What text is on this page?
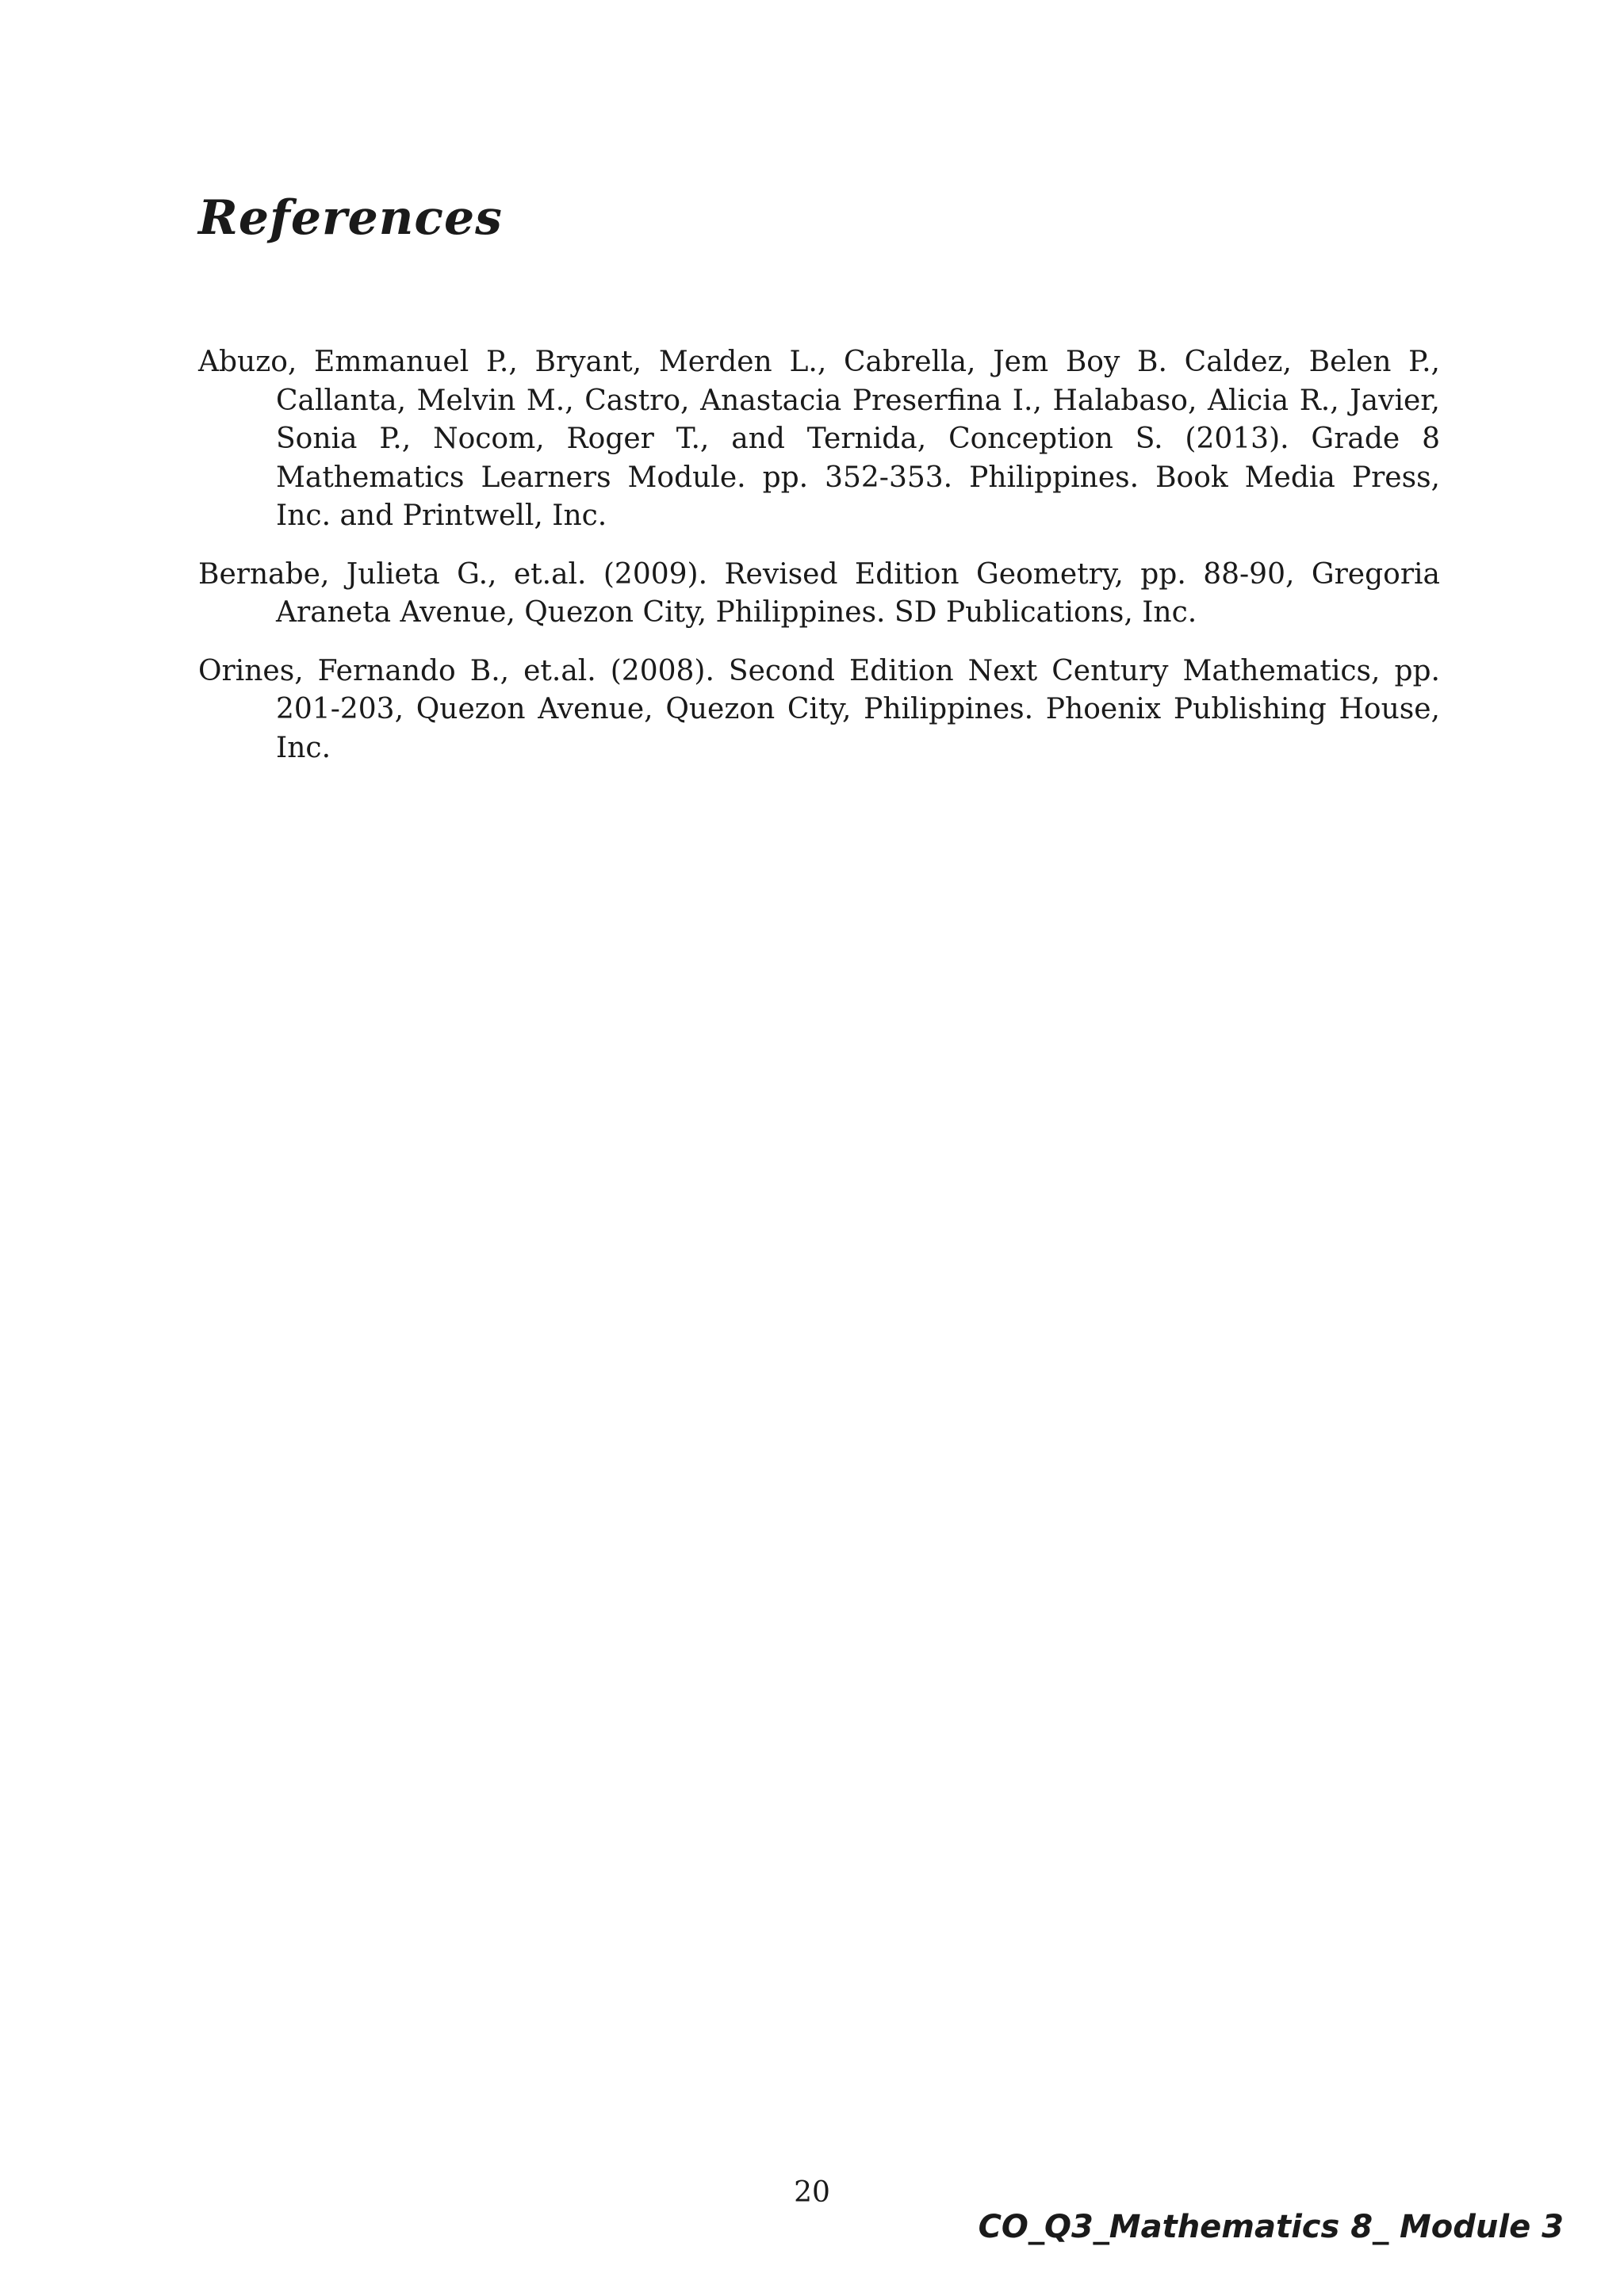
References
Abuzo, Emmanuel P., Bryant, Merden L., Cabrella, Jem Boy B. Caldez, Belen P., Callanta, Melvin M., Castro, Anastacia Preserfina I., Halabaso, Alicia R., Javier, Sonia P., Nocom, Roger T., and Ternida, Conception S. (2013). Grade 8 Mathematics Learners Module. pp. 352-353. Philippines. Book Media Press, Inc. and Printwell, Inc.
Bernabe, Julieta G., et.al. (2009). Revised Edition Geometry, pp. 88-90, Gregoria Araneta Avenue, Quezon City, Philippines. SD Publications, Inc.
Orines, Fernando B., et.al. (2008). Second Edition Next Century Mathematics, pp. 201-203, Quezon Avenue, Quezon City, Philippines. Phoenix Publishing House, Inc.
20
CO_Q3_Mathematics 8_ Module 3
